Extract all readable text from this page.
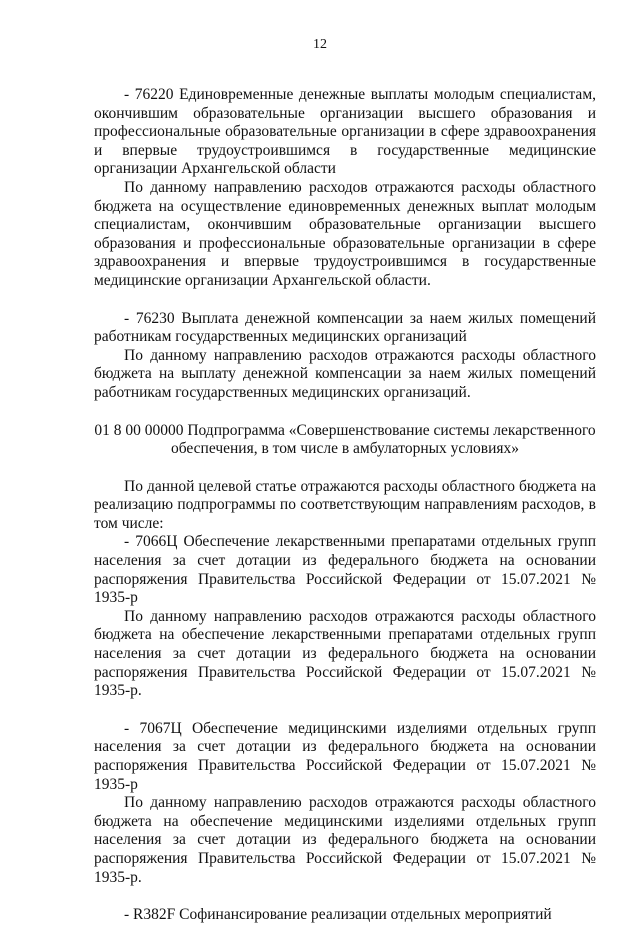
12

- 76220 Единовременные денежные выплаты молодым специалистам, окончившим образовательные организации высшего образования и профессиональные образовательные организации в сфере здравоохранения и впервые трудоустроившимся в государственные медицинские организации Архангельской области

По данному направлению расходов отражаются расходы областного бюджета на осуществление единовременных денежных выплат молодым специалистам, окончившим образовательные организации высшего образования и профессиональные образовательные организации в сфере здравоохранения и впервые трудоустроившимся в государственные медицинские организации Архангельской области.

- 76230 Выплата денежной компенсации за наем жилых помещений работникам государственных медицинских организаций

По данному направлению расходов отражаются расходы областного бюджета на выплату денежной компенсации за наем жилых помещений работникам государственных медицинских организаций.

01 8 00 00000 Подпрограмма «Совершенствование системы лекарственного обеспечения, в том числе в амбулаторных условиях»

По данной целевой статье отражаются расходы областного бюджета на реализацию подпрограммы по соответствующим направлениям расходов, в том числе:

- 7066Ц Обеспечение лекарственными препаратами отдельных групп населения за счет дотации из федерального бюджета на основании распоряжения Правительства Российской Федерации от 15.07.2021 № 1935-р

По данному направлению расходов отражаются расходы областного бюджета на обеспечение лекарственными препаратами отдельных групп населения за счет дотации из федерального бюджета на основании распоряжения Правительства Российской Федерации от 15.07.2021 № 1935-р.

- 7067Ц Обеспечение медицинскими изделиями отдельных групп населения за счет дотации из федерального бюджета на основании распоряжения Правительства Российской Федерации от 15.07.2021 № 1935-р

По данному направлению расходов отражаются расходы областного бюджета на обеспечение медицинскими изделиями отдельных групп населения за счет дотации из федерального бюджета на основании распоряжения Правительства Российской Федерации от 15.07.2021 № 1935-р.

- R382F Софинансирование реализации отдельных мероприятий
